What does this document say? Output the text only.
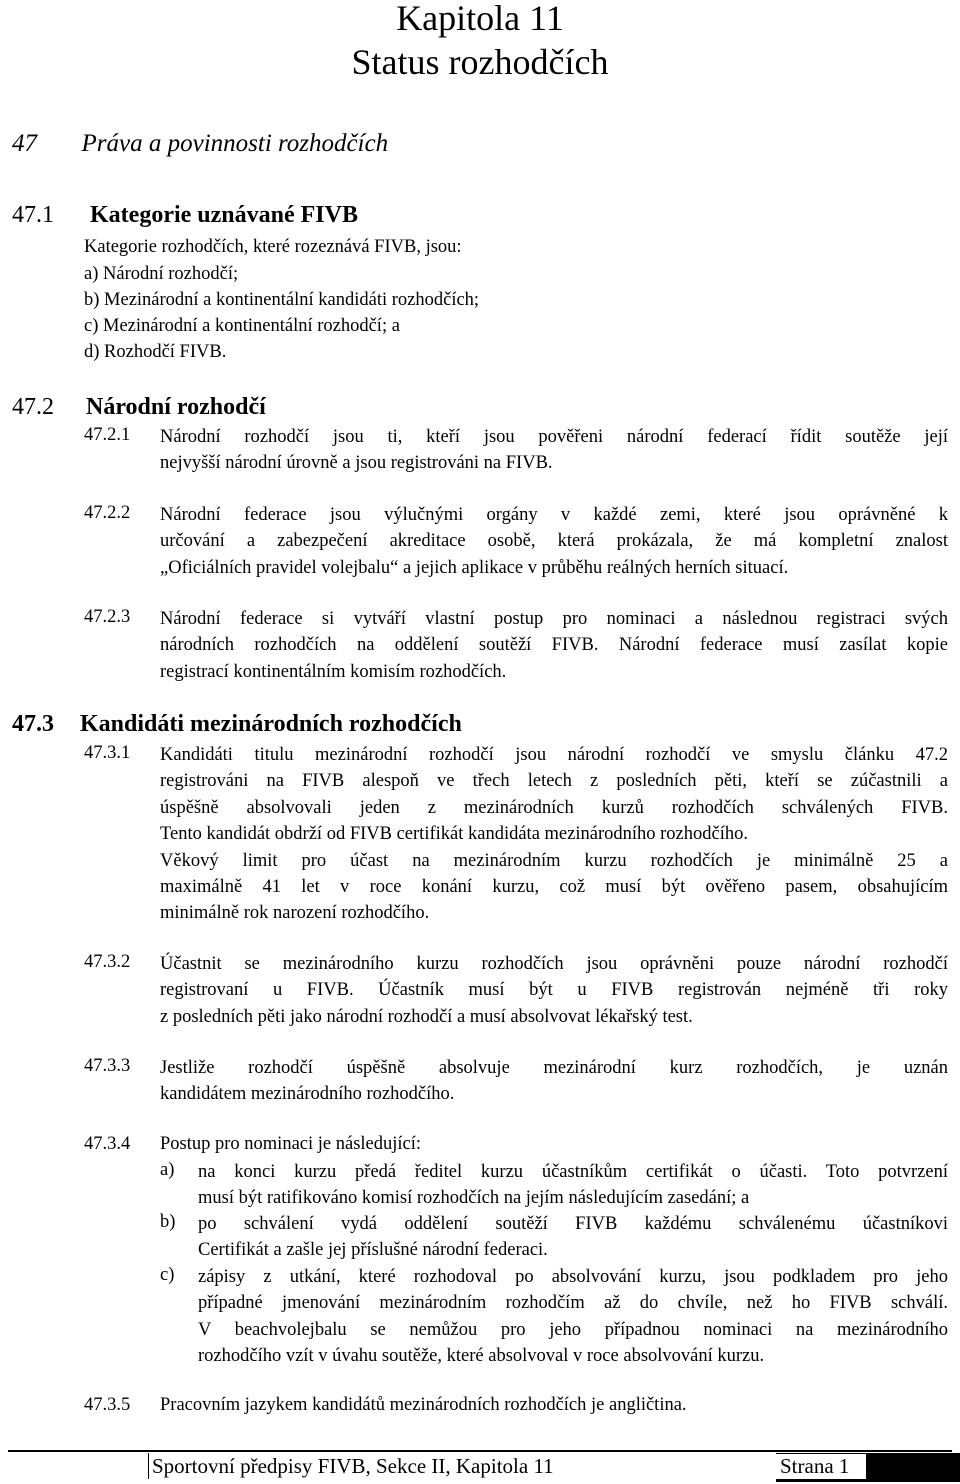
Kapitola 11
Status rozhodčích
47 Práva a povinnosti rozhodčích
47.1 Kategorie uznávané FIVB
Kategorie rozhodčích, které rozeznává FIVB, jsou:
a) Národní rozhodčí;
b) Mezinárodní a kontinentální kandidáti rozhodčích;
c) Mezinárodní a kontinentální rozhodčí; a
d) Rozhodčí FIVB.
47.2 Národní rozhodčí
47.2.1 Národní rozhodčí jsou ti, kteří jsou pověřeni národní federací řídit soutěže její
nejvyšší národní úrovně a jsou registrováni na FIVB.
47.2.2 Národní federace jsou výlučnými orgány v každé zemi, které jsou oprávněné k
určování a zabezpečení akreditace osobě, která prokázala, že má kompletní znalost
„Oficiálních pravidel volejbalu“ a jejich aplikace v průběhu reálných herních situací.
47.2.3 Národní federace si vytváří vlastní postup pro nominaci a následnou registraci svých
národních rozhodčích na oddělení soutěží FIVB. Národní federace musí zasílat kopie
registrací kontinentálním komisím rozhodčích.
47.3 Kandidáti mezinárodních rozhodčích
47.3.1 Kandidáti titulu mezinárodní rozhodčí jsou národní rozhodčí ve smyslu článku 47.2
registrováni na FIVB alespoň ve třech letech z posledních pěti, kteří se zúčastnili a
úspěšně absolvovali jeden z mezinárodních kurzů rozhodčích schválených FIVB.
Tento kandidát obdrží od FIVB certifikát kandidáta mezinárodního rozhodčího.
Věkový limit pro účast na mezinárodním kurzu rozhodčích je minimálně 25 a
maximálně 41 let v roce konání kurzu, což musí být ověřeno pasem, obsahujícím
minimálně rok narození rozhodčího.
47.3.2 Účastnit se mezinárodního kurzu rozhodčích jsou oprávněni pouze národní rozhodčí
registrovaní u FIVB. Účastník musí být u FIVB registrován nejméně tři roky
z posledních pěti jako národní rozhodčí a musí absolvovat lékařský test.
47.3.3 Jestliže rozhodčí úspěšně absolvuje mezinárodní kurz rozhodčích, je uznán
kandidátem mezinárodního rozhodčího.
47.3.4 Postup pro nominaci je následující:
a) na konci kurzu předá ředitel kurzu účastníkům certifikát o účasti. Toto potvrzení
musí být ratifikováno komisí rozhodčích na jejím následujícím zasedání; a
b) po schválení vydá oddělení soutěží FIVB každému schválenému účastníkovi
Certifikát a zašle jej příslušné národní federaci.
c) zápisy z utkání, které rozhodoval po absolvování kurzu, jsou podkladem pro jeho
případné jmenování mezinárodním rozhodčím až do chvíle, než ho FIVB schválí.
V beachvolejbalu se nemůžou pro jeho případnou nominaci na mezinárodního
rozhodčího vzít v úvahu soutěže, které absolvoval v roce absolvování kurzu.
47.3.5 Pracovním jazykem kandidátů mezinárodních rozhodčích je angličtina.
Sportovní předpisy FIVB, Sekce II, Kapitola 11	Strana 1
